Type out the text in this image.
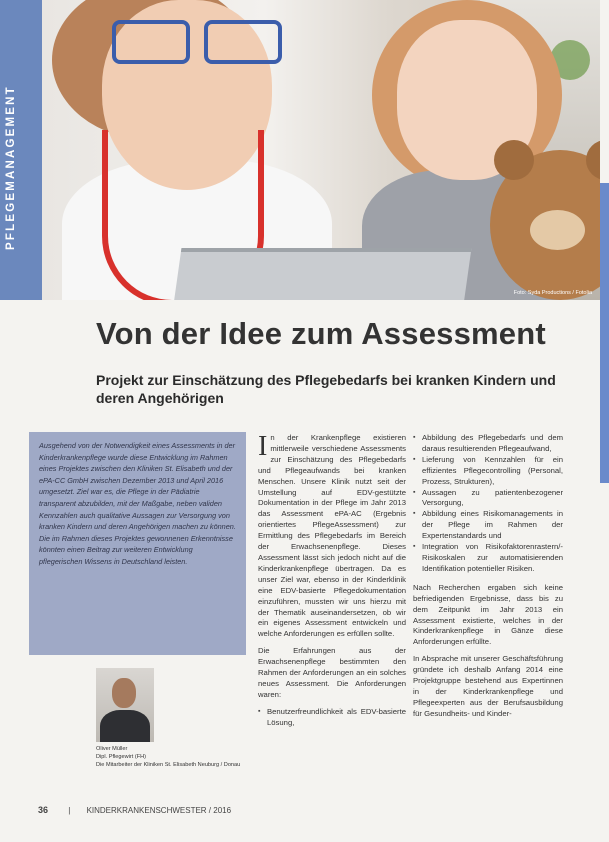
Foto: Syda Productions / Fotolia
PFLEGEMANAGEMENT
Von der Idee zum Assessment
Projekt zur Einschätzung des Pflegebedarfs bei kranken Kindern und deren Angehörigen

Ausgehend von der Notwendigkeit eines Assessments in der Kinderkrankenpflege wurde diese Entwicklung im Rahmen eines Projektes zwischen den Kliniken St. Elisabeth und der ePA-CC GmbH zwischen Dezember 2013 und April 2016 umgesetzt. Ziel war es, die Pflege in der Pädiatrie transparent abzubilden, mit der Maßgabe, neben validen Kennzahlen auch qualitative Aussagen zur Versorgung von kranken Kindern und deren Angehörigen machen zu können. Die im Rahmen dieses Projektes gewonnenen Erkenntnisse könnten einen Beitrag zur weiteren Entwicklung pflegerischen Wissens in Deutschland leisten.

Oliver Müller
Dipl. Pflegewirt (FH)
Die Mitarbeiter der Kliniken St. Elisabeth Neuburg / Donau

In der Krankenpflege existieren mittlerweile verschiedene Assessments zur Einschätzung des Pflegebedarfs und Pflegeaufwands bei kranken Menschen. Unsere Klinik nutzt seit der Umstellung auf EDV-gestützte Dokumentation in der Pflege im Jahr 2013 das Assessment ePA-AC (Ergebnis orientiertes PflegeAssessment) zur Ermittlung des Pflegebedarfs im Bereich der Erwachsenenpflege. Dieses Assessment lässt sich jedoch nicht auf die Kinderkrankenpflege übertragen. Da es unser Ziel war, ebenso in der Kinderklinik eine EDV-basierte Pflegedokumentation einzuführen, mussten wir uns hierzu mit der Thematik auseinandersetzen, ob wir ein eigenes Assessment entwickeln und welche Anforderungen es erfüllen sollte.

Die Erfahrungen aus der Erwachsenenpflege bestimmten den Rahmen der Anforderungen an ein solches neues Assessment. Die Anforderungen waren:

▪ Benutzerfreundlichkeit als EDV-basierte Lösung,
▪ Abbildung des Pflegebedarfs und dem daraus resultierenden Pflegeaufwand,
▪ Lieferung von Kennzahlen für ein effizientes Pflegecontrolling (Personal, Prozess, Strukturen),
▪ Aussagen zu patientenbezogener Versorgung,
▪ Abbildung eines Risikomanagements in der Pflege im Rahmen der Expertenstandards und
▪ Integration von Risikofaktorenrastern/-Risikoskalen zur automatisierenden Identifikation potentieller Risiken.

Nach Recherchen ergaben sich keine befriedigenden Ergebnisse, dass bis zu dem Zeitpunkt im Jahr 2013 ein Assessment existierte, welches in der Kinderkrankenpflege in Gänze diese Anforderungen erfüllte.

In Absprache mit unserer Geschäftsführung gründete ich deshalb Anfang 2014 eine Projektgruppe bestehend aus Expertinnen in der Kinderkrankenpflege und Pflegeexperten aus der Berufsausbildung für Gesundheits- und Kinder-

36	| KINDERKRANKENSCHWESTER / 2016
